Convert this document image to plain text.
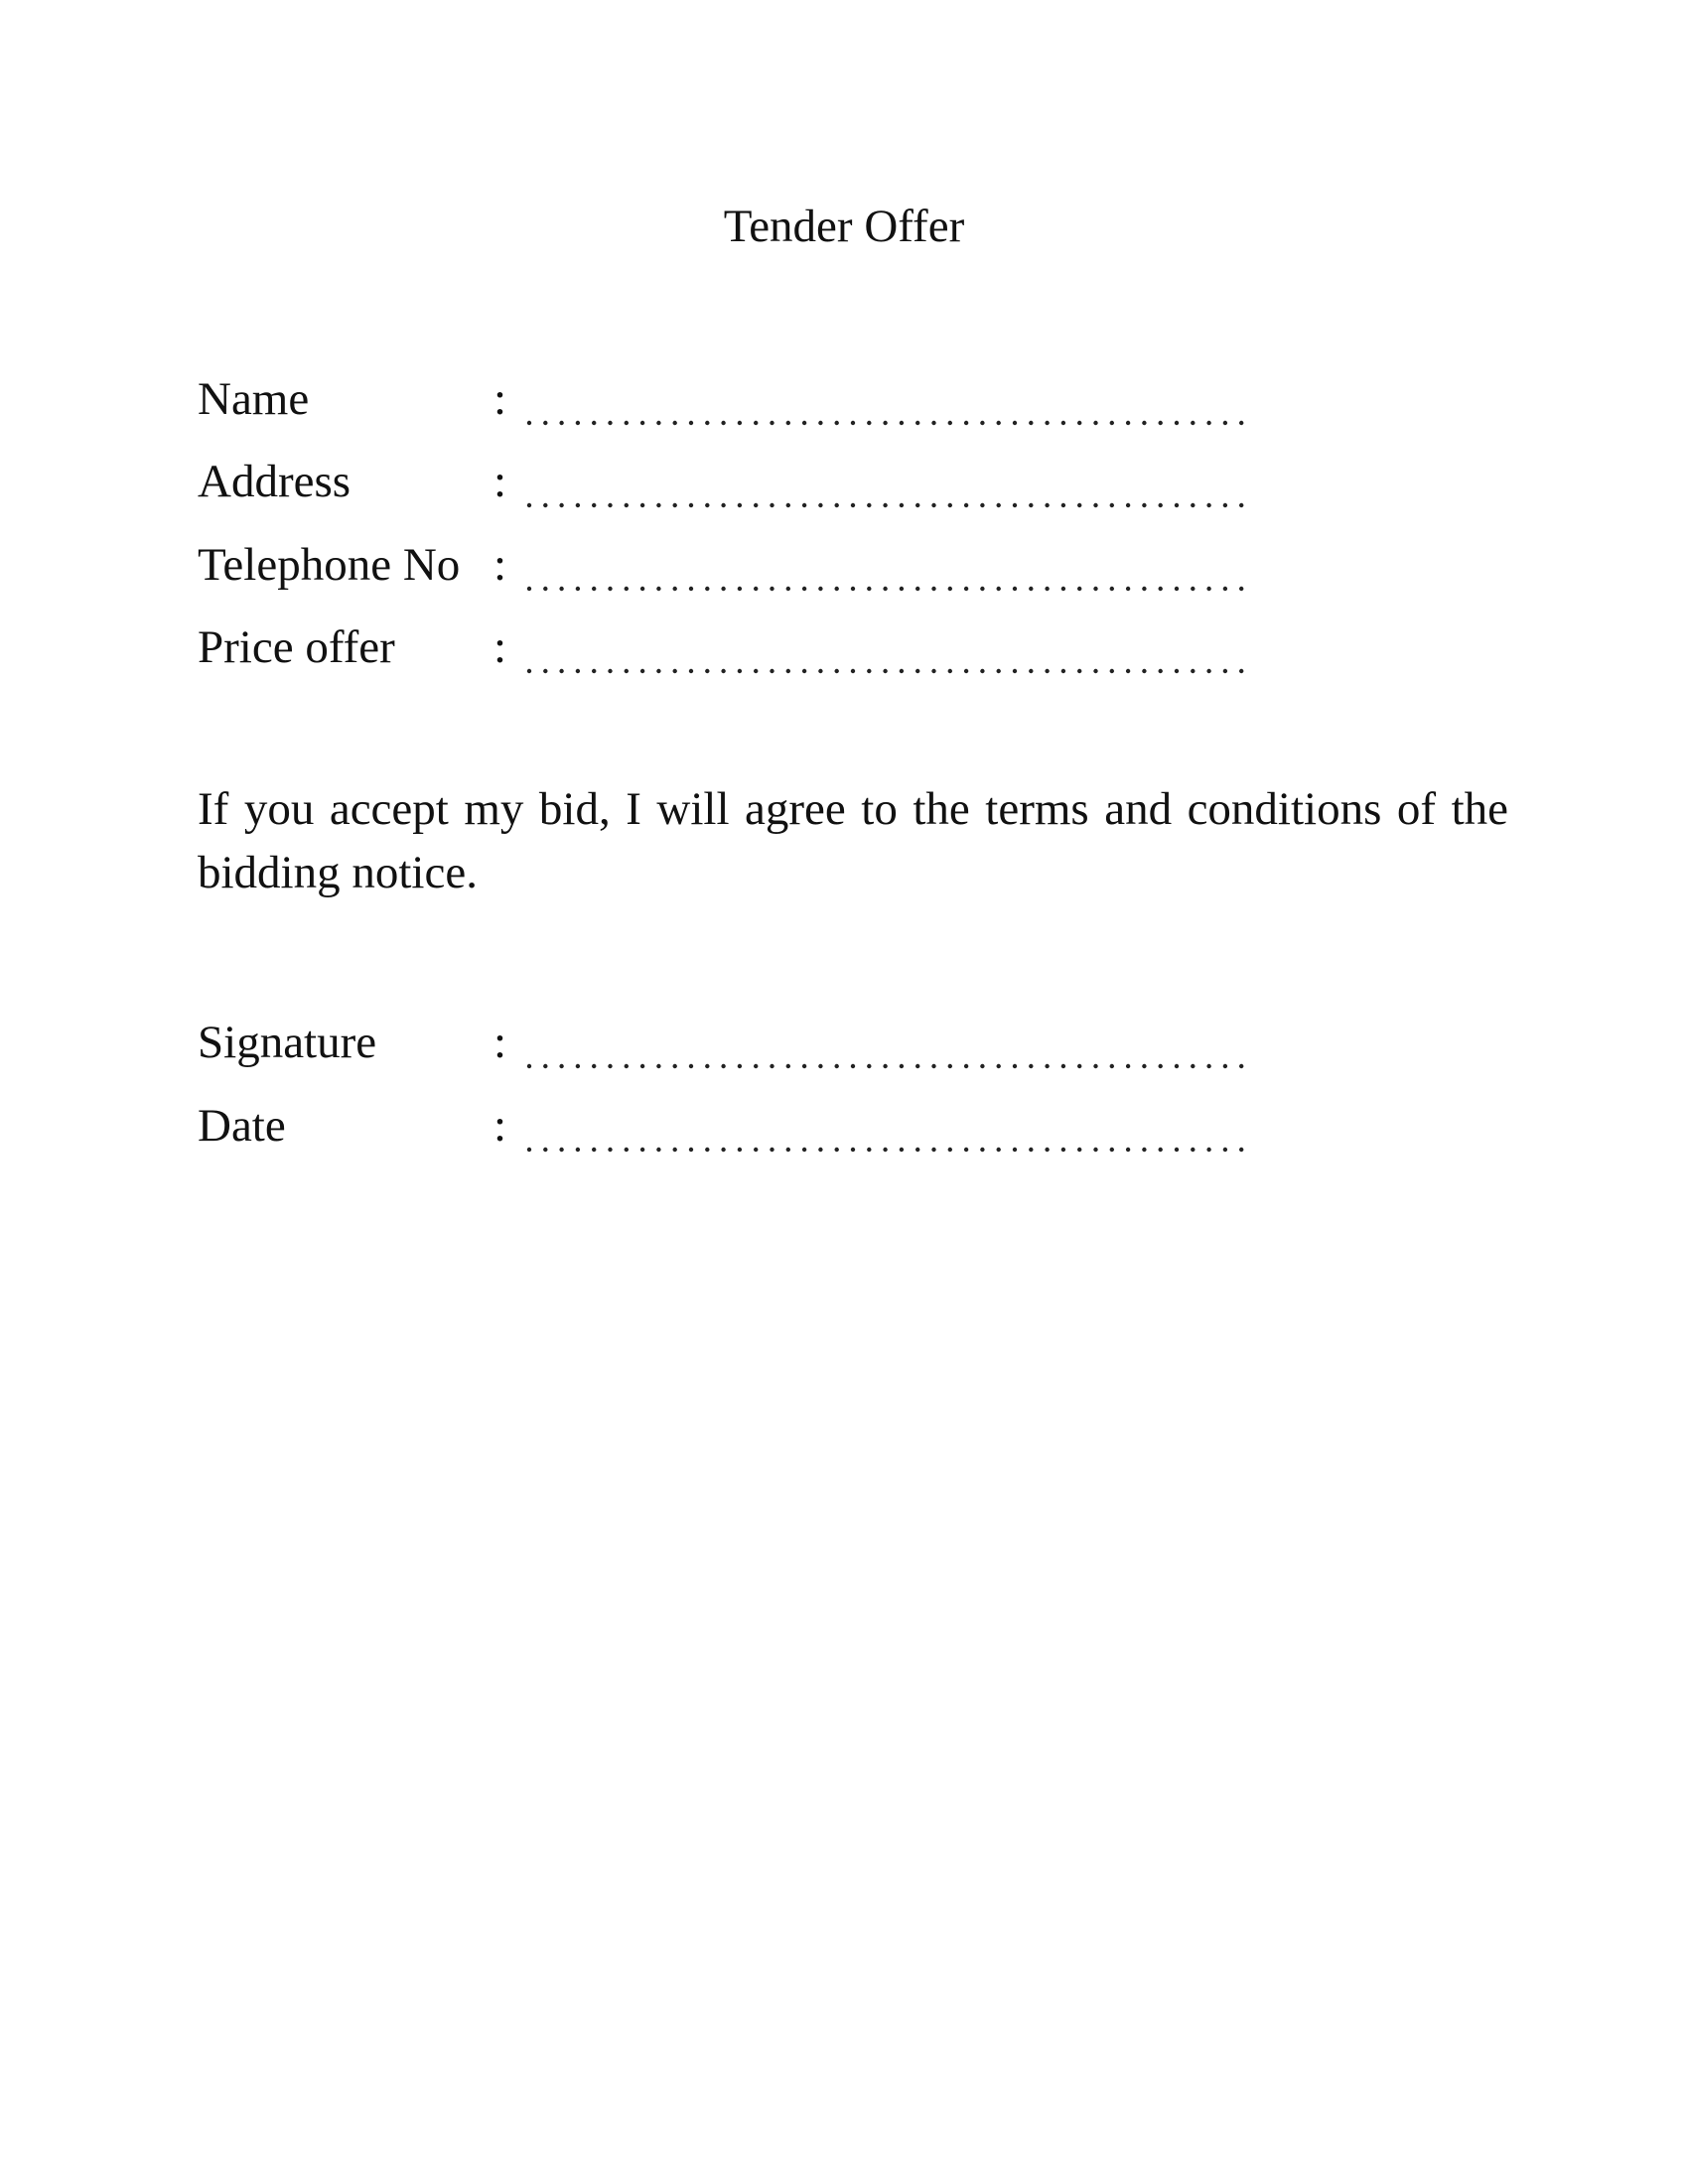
Tender Offer
Name	:
Address	:
Telephone No :
Price offer :

If you accept my bid, I will agree to the terms and conditions of the bidding notice.

Signature	:
Date	:
